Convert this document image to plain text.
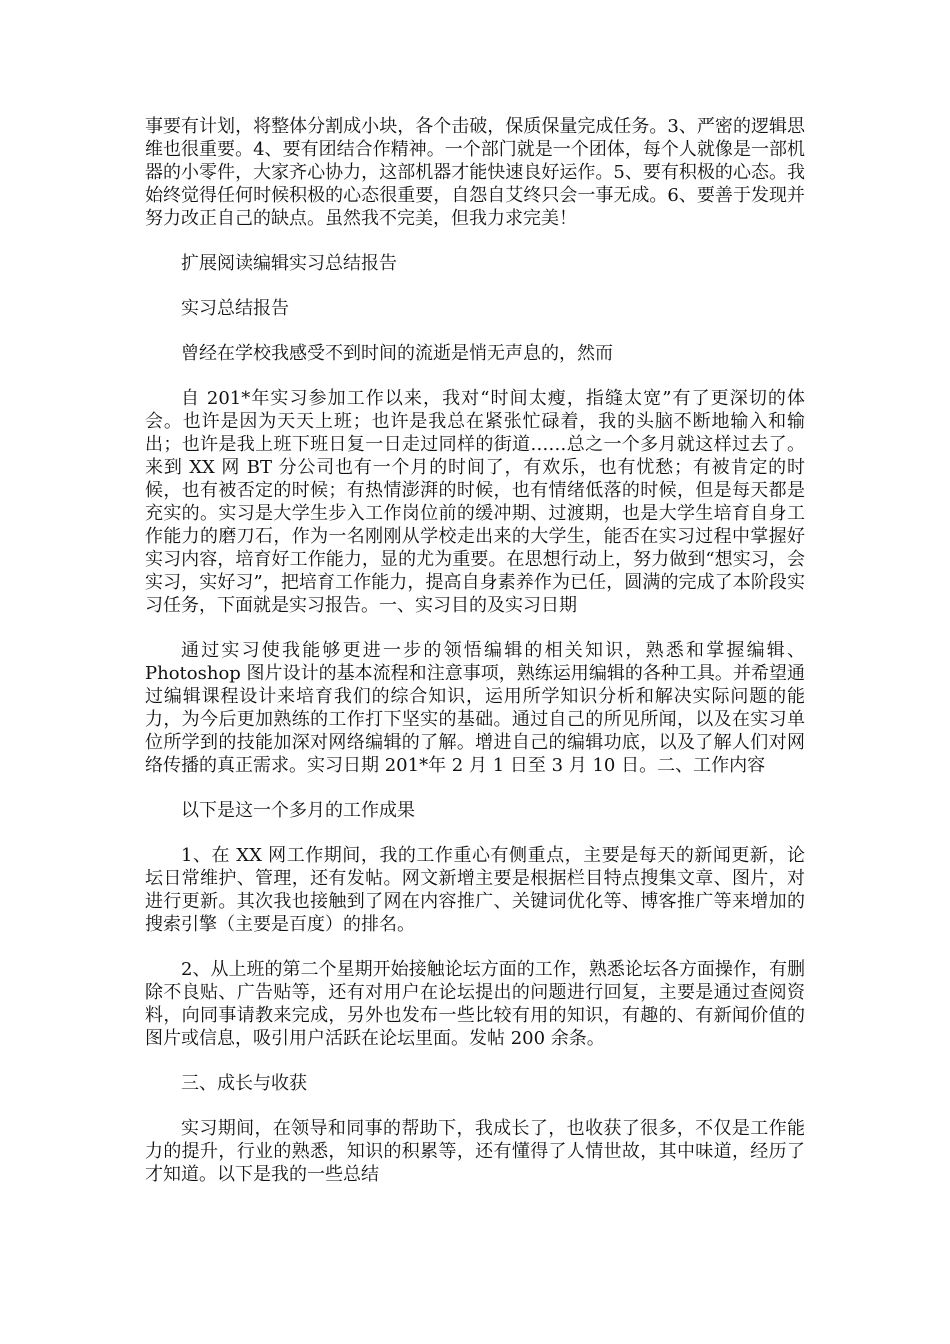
事要有计划，将整体分割成小块，各个击破，保质保量完成任务。3、严密的逻辑思维也很重要。4、要有团结合作精神。一个部门就是一个团体，每个人就像是一部机器的小零件，大家齐心协力，这部机器才能快速良好运作。5、要有积极的心态。我始终觉得任何时候积极的心态很重要，自怨自艾终只会一事无成。6、要善于发现并努力改正自己的缺点。虽然我不完美，但我力求完美！

扩展阅读编辑实习总结报告

实习总结报告

曾经在学校我感受不到时间的流逝是悄无声息的，然而

自 201*年实习参加工作以来，我对“时间太瘦，指缝太宽”有了更深切的体会。也许是因为天天上班；也许是我总在紧张忙碌着，我的头脑不断地输入和输出；也许是我上班下班日复一日走过同样的街道……总之一个多月就这样过去了。来到 XX 网 BT 分公司也有一个月的时间了，有欢乐，也有忧愁；有被肯定的时候，也有被否定的时候；有热情澎湃的时候，也有情绪低落的时候，但是每天都是充实的。实习是大学生步入工作岗位前的缓冲期、过渡期，也是大学生培育自身工作能力的磨刀石，作为一名刚刚从学校走出来的大学生，能否在实习过程中掌握好实习内容，培育好工作能力，显的尤为重要。在思想行动上，努力做到“想实习，会实习，实好习”，把培育工作能力，提高自身素养作为已任，圆满的完成了本阶段实习任务，下面就是实习报告。一、实习目的及实习日期

通过实习使我能够更进一步的领悟编辑的相关知识，熟悉和掌握编辑、Photoshop 图片设计的基本流程和注意事项，熟练运用编辑的各种工具。并希望通过编辑课程设计来培育我们的综合知识，运用所学知识分析和解决实际问题的能力，为今后更加熟练的工作打下坚实的基础。通过自己的所见所闻，以及在实习单位所学到的技能加深对网络编辑的了解。增进自己的编辑功底，以及了解人们对网络传播的真正需求。实习日期 201*年 2 月 1 日至 3 月 10 日。二、工作内容

以下是这一个多月的工作成果

1、在 XX 网工作期间，我的工作重心有侧重点，主要是每天的新闻更新，论坛日常维护、管理，还有发帖。网文新增主要是根据栏目特点搜集文章、图片，对进行更新。其次我也接触到了网在内容推广、关键词优化等、博客推广等来增加的搜索引擎（主要是百度）的排名。

2、从上班的第二个星期开始接触论坛方面的工作，熟悉论坛各方面操作，有删除不良贴、广告贴等，还有对用户在论坛提出的问题进行回复，主要是通过查阅资料，向同事请教来完成，另外也发布一些比较有用的知识，有趣的、有新闻价值的图片或信息，吸引用户活跃在论坛里面。发帖 200 余条。

三、成长与收获

实习期间，在领导和同事的帮助下，我成长了，也收获了很多，不仅是工作能力的提升，行业的熟悉，知识的积累等，还有懂得了人情世故，其中味道，经历了才知道。以下是我的一些总结
